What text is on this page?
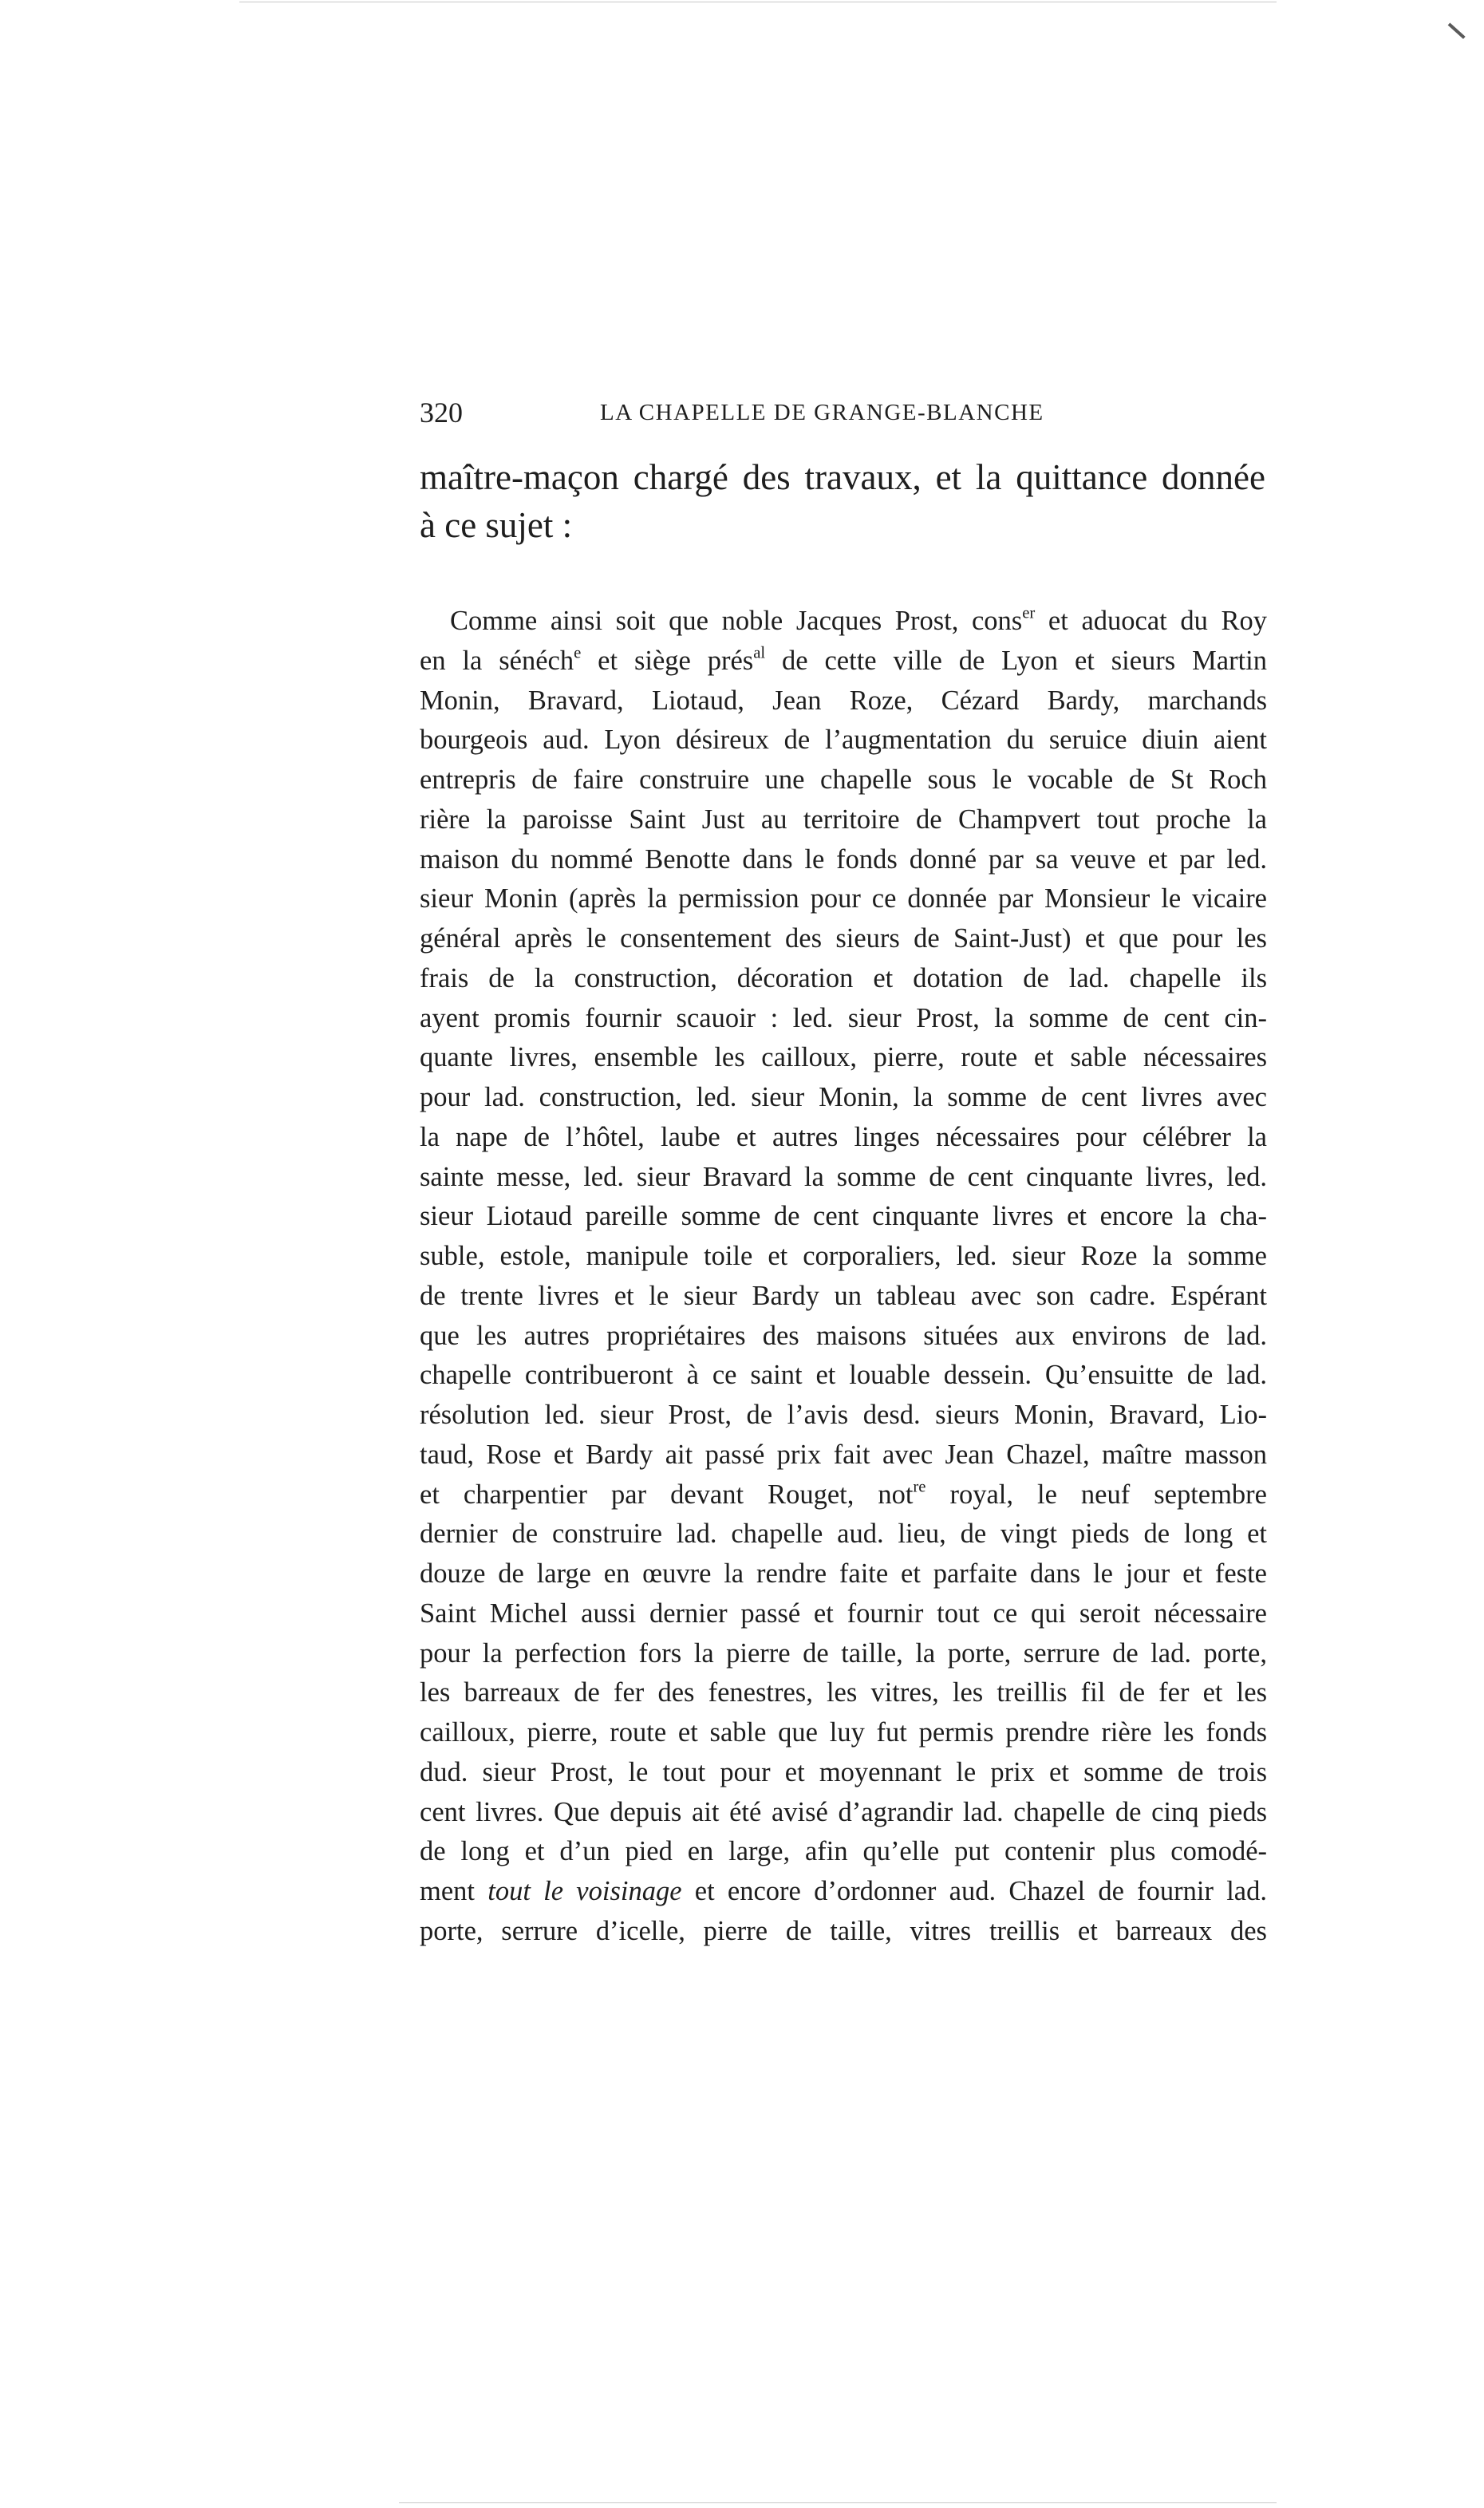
320	LA CHAPELLE DE GRANGE-BLANCHE
maître-maçon chargé des travaux, et la quittance donnée
à ce sujet :
Comme ainsi soit que noble Jacques Prost, cons$^{er}$ et aduocat du Roy
en la sénéch$^e$ et siège prés$^{al}$ de cette ville de Lyon et sieurs Martin
Monin, Bravard, Liotaud, Jean Roze, Cézard Bardy, marchands
bourgeois aud. Lyon désireux de l’augmentation du seruice diuin aient
entrepris de faire construire une chapelle sous le vocable de St Roch
rière la paroisse Saint Just au territoire de Champvert tout proche la
maison du nommé Benotte dans le fonds donné par sa veuve et par led.
sieur Monin (après la permission pour ce donnée par Monsieur le vicaire
général après le consentement des sieurs de Saint-Just) et que pour les
frais de la construction, décoration et dotation de lad. chapelle ils
ayent promis fournir scauoir : led. sieur Prost, la somme de cent cin-
quante livres, ensemble les cailloux, pierre, route et sable nécessaires
pour lad. construction, led. sieur Monin, la somme de cent livres avec
la nape de l’hôtel, laube et autres linges nécessaires pour célébrer la
sainte messe, led. sieur Bravard la somme de cent cinquante livres, led.
sieur Liotaud pareille somme de cent cinquante livres et encore la cha-
suble, estole, manipule toile et corporaliers, led. sieur Roze la somme
de trente livres et le sieur Bardy un tableau avec son cadre. Espérant
que les autres propriétaires des maisons situées aux environs de lad.
chapelle contribueront à ce saint et louable dessein. Qu’ensuitte de lad.
résolution led. sieur Prost, de l’avis desd. sieurs Monin, Bravard, Lio-
taud, Rose et Bardy ait passé prix fait avec Jean Chazel, maître masson
et charpentier par devant Rouget, not$^{re}$ royal, le neuf septembre
dernier de construire lad. chapelle aud. lieu, de vingt pieds de long et
douze de large en œuvre la rendre faite et parfaite dans le jour et feste
Saint Michel aussi dernier passé et fournir tout ce qui seroit nécessaire
pour la perfection fors la pierre de taille, la porte, serrure de lad. porte,
les barreaux de fer des fenestres, les vitres, les treillis fil de fer et les
cailloux, pierre, route et sable que luy fut permis prendre rière les fonds
dud. sieur Prost, le tout pour et moyennant le prix et somme de trois
cent livres. Que depuis ait été avisé d’agrandir lad. chapelle de cinq pieds
de long et d’un pied en large, afin qu’elle put contenir plus comodé-
ment tout le voisinage et encore d’ordonner aud. Chazel de fournir lad.
porte, serrure d’icelle, pierre de taille, vitres treillis et barreaux des
